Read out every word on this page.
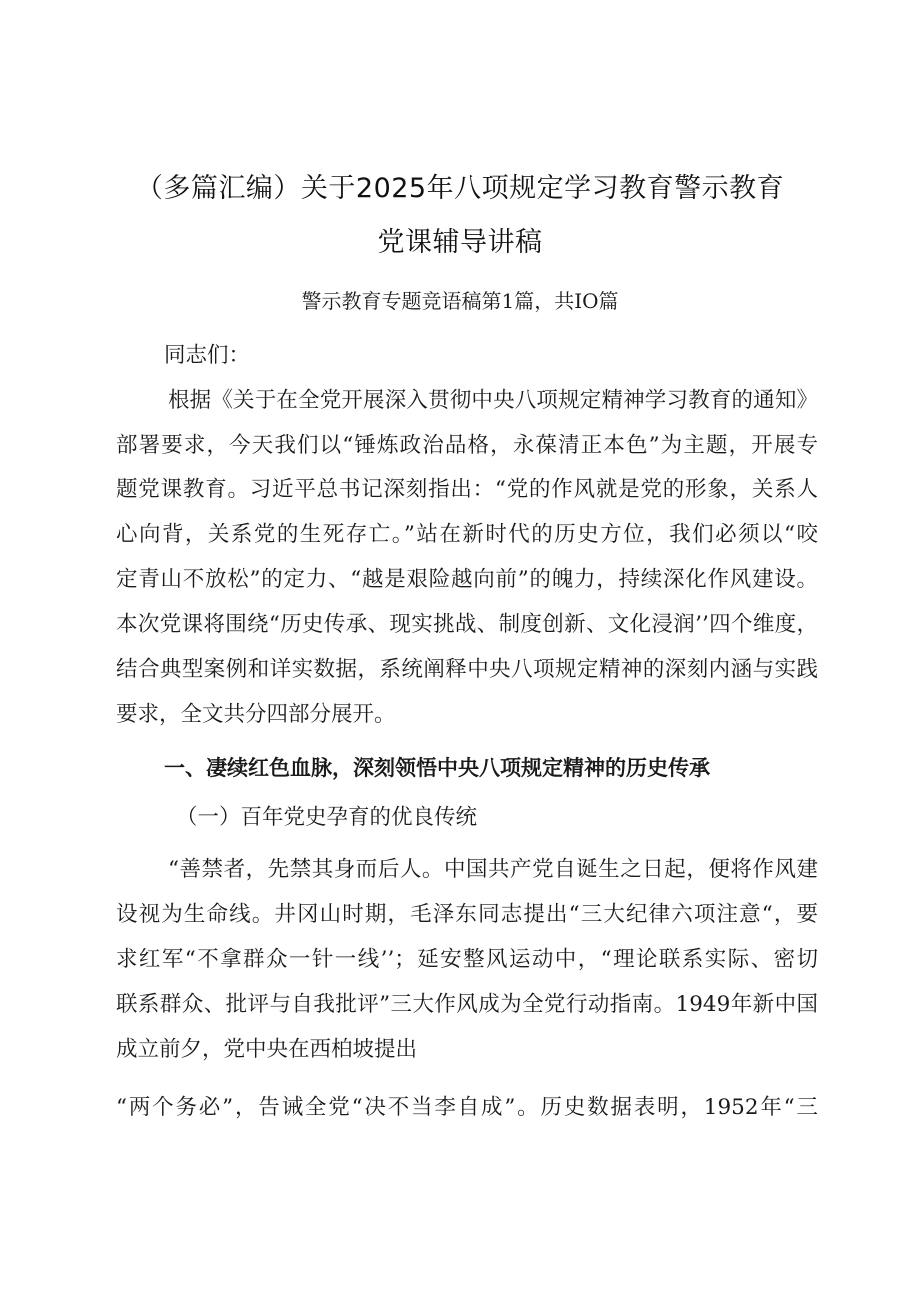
（多篇汇编）关于2025年八项规定学习教育警示教育
党课辅导讲稿
警示教育专题竞语稿第1篇，共IO篇
同志们：
根据《关于在全党开展深入贯彻中央八项规定精神学习教育的通知》
部署要求，今天我们以“锤炼政治品格，永葆清正本色”为主题，开展专
题党课教育。习近平总书记深刻指出：“党的作风就是党的形象，关系人
心向背，关系党的生死存亡。”站在新时代的历史方位，我们必须以“咬
定青山不放松”的定力、“越是艰险越向前”的魄力，持续深化作风建设。
本次党课将围绕“历史传承、现实挑战、制度创新、文化浸润’’四个维度，
结合典型案例和详实数据，系统阐释中央八项规定精神的深刻内涵与实践
要求，全文共分四部分展开。
一、凄续红色血脉，深刻领悟中央八项规定精神的历史传承
（一）百年党史孕育的优良传统
“善禁者，先禁其身而后人。中国共产党自诞生之日起，便将作风建
设视为生命线。井冈山时期，毛泽东同志提出“三大纪律六项注意“，要
求红军“不拿群众一针一线’’；延安整风运动中，“理论联系实际、密切
联系群众、批评与自我批评”三大作风成为全党行动指南。1949年新中国
成立前夕，党中央在西柏坡提出
“两个务必”，告诫全党“决不当李自成”。历史数据表明，1952年“三
